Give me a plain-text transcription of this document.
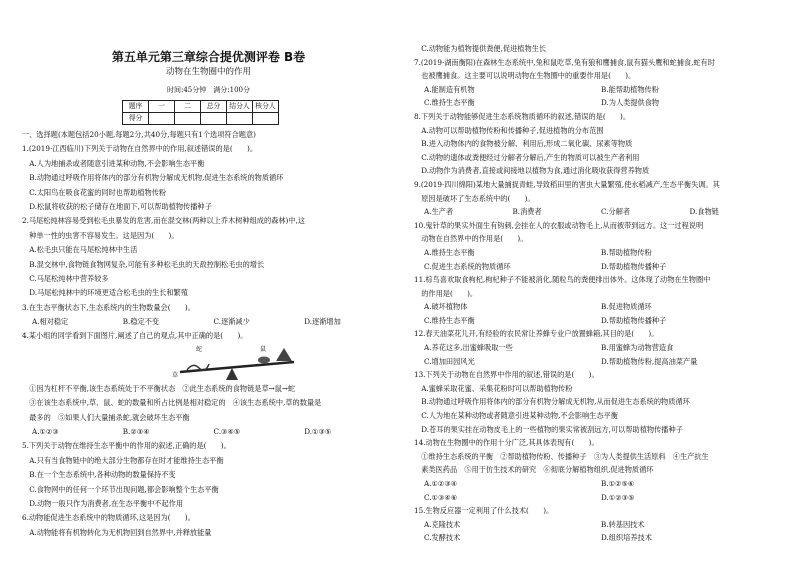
第五单元第三章综合提优测评卷 B卷
动物在生物圈中的作用
时间:45分钟　满分:100分
题序	一	二	总分	结分人	核分人
得分					
一、选择题(本题包括20小题,每题2分,共40分,每题只有1个选项符合题意)
1.(2019·江西临川)下列关于动物在自然界中的作用,叙述错误的是(　　)。
　A.人为地捕杀或者随意引进某种动物,不会影响生态平衡
　B.动物通过呼吸作用将体内的部分有机物分解成无机物,促进生态系统的物质循环
　C.太阳鸟在吸食花蜜的同时也帮助植物传粉
　D.松鼠将收获的松子储存在地面下,可以帮助植物传播种子
2.马尾松纯林容易受到松毛虫暴发的危害,而在混交林(两种以上乔木树种组成的森林)中,这
　种单一性的虫害不容易发生。这是因为(　　)。
　A.松毛虫只能在马尾松纯林中生活
　B.混交林中,食物链食物网复杂,可能有多种松毛虫的天敌控制松毛虫的增长
　C.马尾松纯林中营养较多
　D.马尾松纯林中的环境更适合松毛虫的生长和繁殖
3.在生态平衡状态下,生态系统内的生物数量会(　　)。
A.相对稳定	B.稳定不变	C.逐渐减少	D.逐渐增加
4.某小组的同学看到下面图片,阐述了自己的观点,其中正确的是(　　)。
蛇	鼠
草
　①因为杠杆不平衡,该生态系统处于不平衡状态　②此生态系统的食物链是草→鼠→蛇
　③在该生态系统中,草、鼠、蛇的数量和所占比例是相对稳定的　④该生态系统中,草的数量是
　最多的　⑤如果人们大量捕杀蛇,就会破坏生态平衡
A.①②③	B.②③④	C.③④⑤	D.①③⑤
5.下列关于动物在维持生态平衡中的作用的叙述,正确的是(　　)。
　A.只有当食物链中的绝大部分生物都存在时才能维持生态平衡
　B.在一个生态系统中,各种动物的数量保持不变
　C.食物网中的任何一个环节出现问题,都会影响整个生态平衡
　D.动物一般只作为消费者,在生态平衡中不起作用
6.动物能促进生态系统中的物质循环,这是因为(　　)。
　A.动物能将有机物转化为无机物回到自然界中,并释放能量
　C.动物能为植物提供粪便,促进植物生长
7.(2019·湖南衡阳)在森林生态系统中,兔和鼠吃草,兔有狼和鹰捕食,鼠有猫头鹰和蛇捕食,蛇有时
　也被鹰捕食。这主要可以说明动物在生物圈中的重要作用是(　　)。
A.能制造有机物	B.能帮助植物传粉
C.维持生态平衡	D.为人类提供食物
8.下列关于动物能够促进生态系统物质循环的叙述,错误的是(　　)。
　A.动物可以帮助植物传粉和传播种子,促进植物的分布范围
　B.进入动物体内的食物被分解、利用后,形成二氧化碳、尿素等物质
　C.动物的遗体或粪便经过分解者分解后,产生的物质可以被生产者利用
　D.动物作为消费者,直接或间接地以植物为食,通过消化吸收获得营养物质
9.(2019·四川绵阳)某地大量捕捉青蛙,导致稻田里的害虫大量繁殖,使水稻减产,生态平衡失调。其
　原因是破坏了生态系统中的(　　)。
A.生产者	B.消费者	C.分解者	D.食物链
10.鬼针草的果实外面生有钩刺,会挂在人的衣服或动物毛上,从而被带到远方。这一过程说明
　动物在自然界中的作用是(　　)。
A.维持生态平衡	B.帮助植物传粉
C.促进生态系统的物质循环	D.帮助植物传播种子
11.棕鸟喜欢取食枸杞,枸杞种子不能被消化,随粒鸟的粪便排出体外。这体现了动物在生物圈中
　的作用是(　　)。
A.破坏植物体	B.促进物质循环
C.维持生态平衡	D.帮助植物传播种子
12.春天油菜花儿开,有经验的农民常让养蜂专业户放置蜂箱,其目的是(　　)。
A.养花这多,出蜜蜂吸取一些	B.用蜜蜂为动物营造食
C.增加田园风光	D.帮助植物传粉,提高油菜产量
13.下列关于动物在自然界中作用的叙述,错误的是(　　)。
　A.蜜蜂采取花蜜、采集花粉时可以帮助植物传粉
　B.动物通过呼吸作用将体内的部分有机物分解成无机物,从而促进生态系统的物质循环
　C.人为地在某种动物或者随意引进某种动物,不会影响生态平衡
　D.苍耳的果实挂在动物皮毛上的一些植物的果实常被刮远方,可以帮助植物传播种子
14.动物在生物圈中的作用十分广泛,其具体表现有(　　)。
　①维持生态系统的平衡　②帮助植物传粉、传播种子　③为人类提供生活原料　④生产抗生
　素类医药品　⑤用于仿生技术的研究　⑥彻底分解植物组织,促进物质循环
A.①②③④	B.①②⑤⑥
C.①③④⑥	D.①②③⑤
15.生物反应器一定利用了什么技术(　　)。
A.克隆技术	B.转基因技术
C.发酵技术	D.组织培养技术
